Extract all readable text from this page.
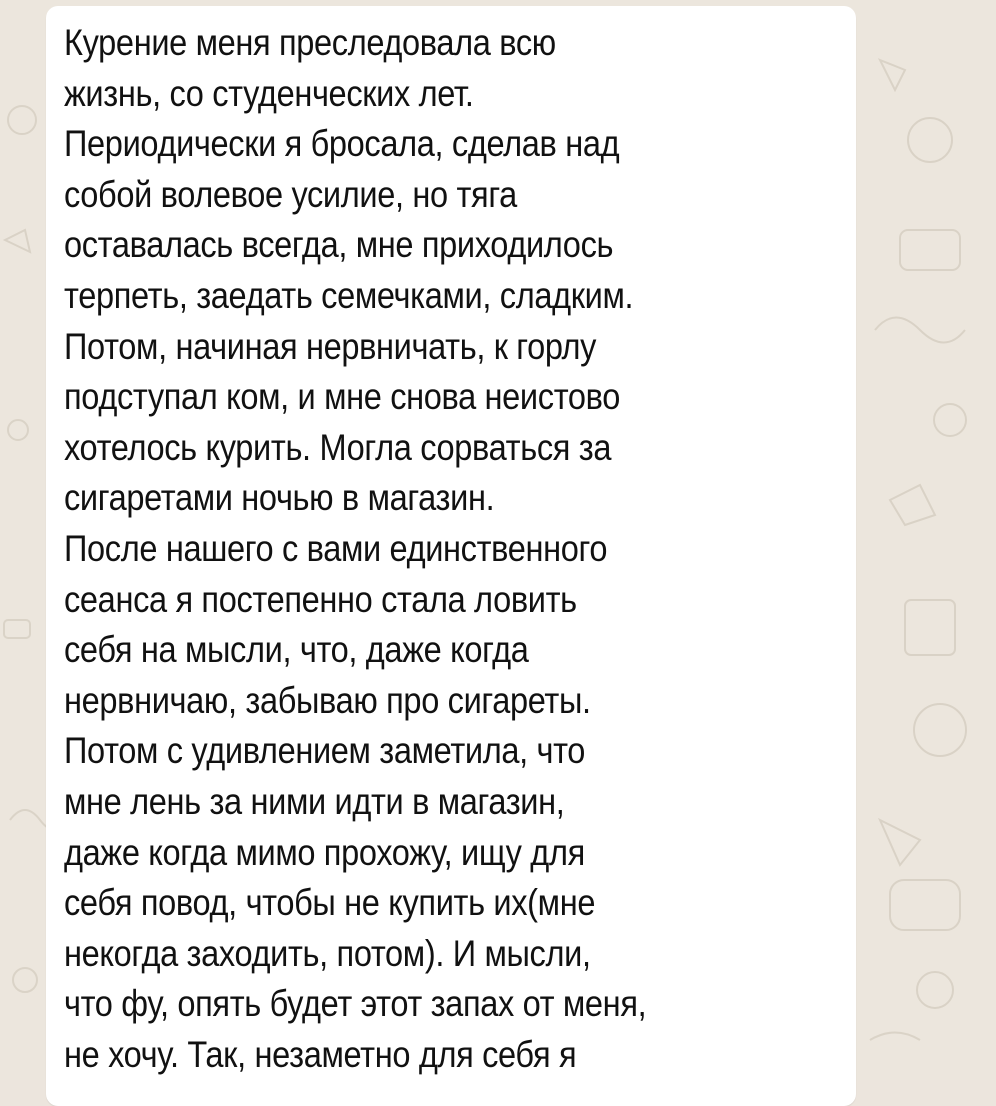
Курение меня преследовала всю
жизнь, со студенческих лет.
Периодически я бросала, сделав над
собой волевое усилие, но тяга
оставалась всегда, мне приходилось
терпеть, заедать семечками, сладким.
Потом, начиная нервничать, к горлу
подступал ком, и мне снова неистово
хотелось курить. Могла сорваться за
сигаретами ночью в магазин.
После нашего с вами единственного
сеанса я постепенно стала ловить
себя на мысли, что, даже когда
нервничаю, забываю про сигареты.
Потом с удивлением заметила, что
мне лень за ними идти в магазин,
даже когда мимо прохожу, ищу для
себя повод, чтобы не купить их(мне
некогда заходить, потом). И мысли,
что фу, опять будет этот запах от меня,
не хочу. Так, незаметно для себя я
